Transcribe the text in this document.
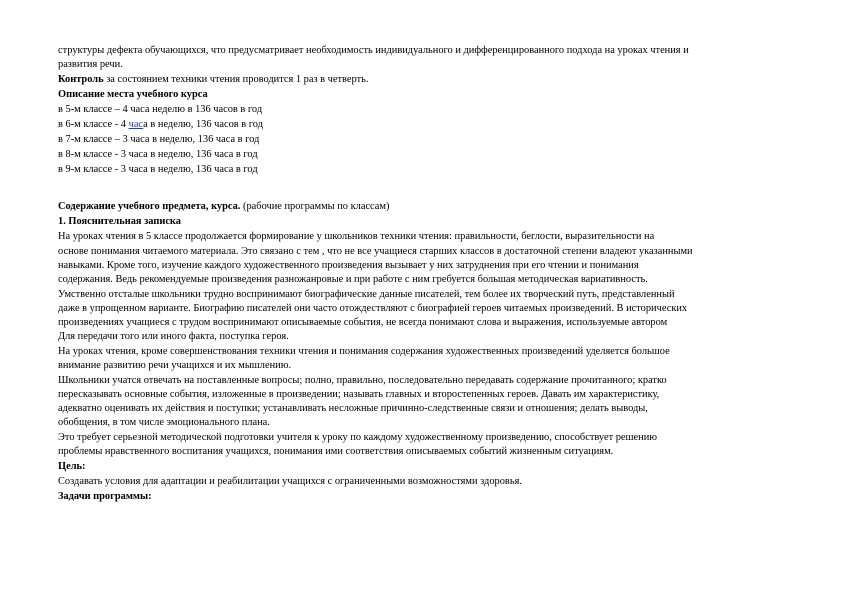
структуры дефекта обучающихся, что предусматривает необходимость индивидуального и дифференцированного подхода на уроках чтения и
развития речи.
Контроль за состоянием техники чтения проводится 1 раз в четверть.
Описание места учебного курса
в 5-м классе – 4 часа неделю в 136 часов в год
в 6-м классе - 4 часа в неделю, 136 часов в год
в 7-м классе – 3 часа в неделю, 136 часа в год
в 8-м классе - 3 часа в неделю, 136 часа в год
в 9-м классе - 3 часа в неделю, 136 часа в год
Содержание учебного предмета, курса. (рабочие программы по классам)
1. Пояснительная записка
На уроках чтения в 5 классе продолжается формирование у школьников техники чтения: правильности, беглости, выразительности на
основе понимания читаемого материала. Это связано с тем , что не все учащиеся старших классов в достаточной степени владеют указанными
навыками. Кроме того, изучение каждого художественного произведения вызывает у них затруднения при его чтении и понимания
содержания. Ведь рекомендуемые произведения разножанровые и при работе с ним гребуется большая методическая вариативность.
Умственно отсталые школьники трудно воспринимают биографические данные писателей, тем более их творческий путь, представленный
даже в упрощенном варианте. Биографию писателей они часто отождествляют с биографией героев читаемых произведений. В исторических
произведениях учащиеся с трудом воспринимают описываемые события, не всегда понимают слова и выражения, используемые автором
Для передачи того или иного факта, поступка героя.
На уроках чтения, кроме совершенствования техники чтения и понимания содержания художественных произведений уделяется большое
внимание развитию речи учащихся и их мышлению.
Школьники учатся отвечать на поставленные вопросы; полно, правильно, последовательно передавать содержание прочитанного; кратко
пересказывать основные события, изложенные в произведении; называть главных и второстепенных героев. Давать им характеристику,
адекватно оценивать их действия и поступки; устанавливать несложные причинно-следственные связи и отношения; делать выводы,
обобщения, в том числе эмоционального плана.
Это требует серьезной методической подготовки учителя к уроку по каждому художественному произведению, способствует решению
проблемы нравственного воспитания учащихся, понимания ими соответствия описываемых событий жизненным ситуациям.
Цель:
Создавать условия для адаптации и реабилитации учащихся с ограниченными возможностями здоровья.
Задачи программы:
